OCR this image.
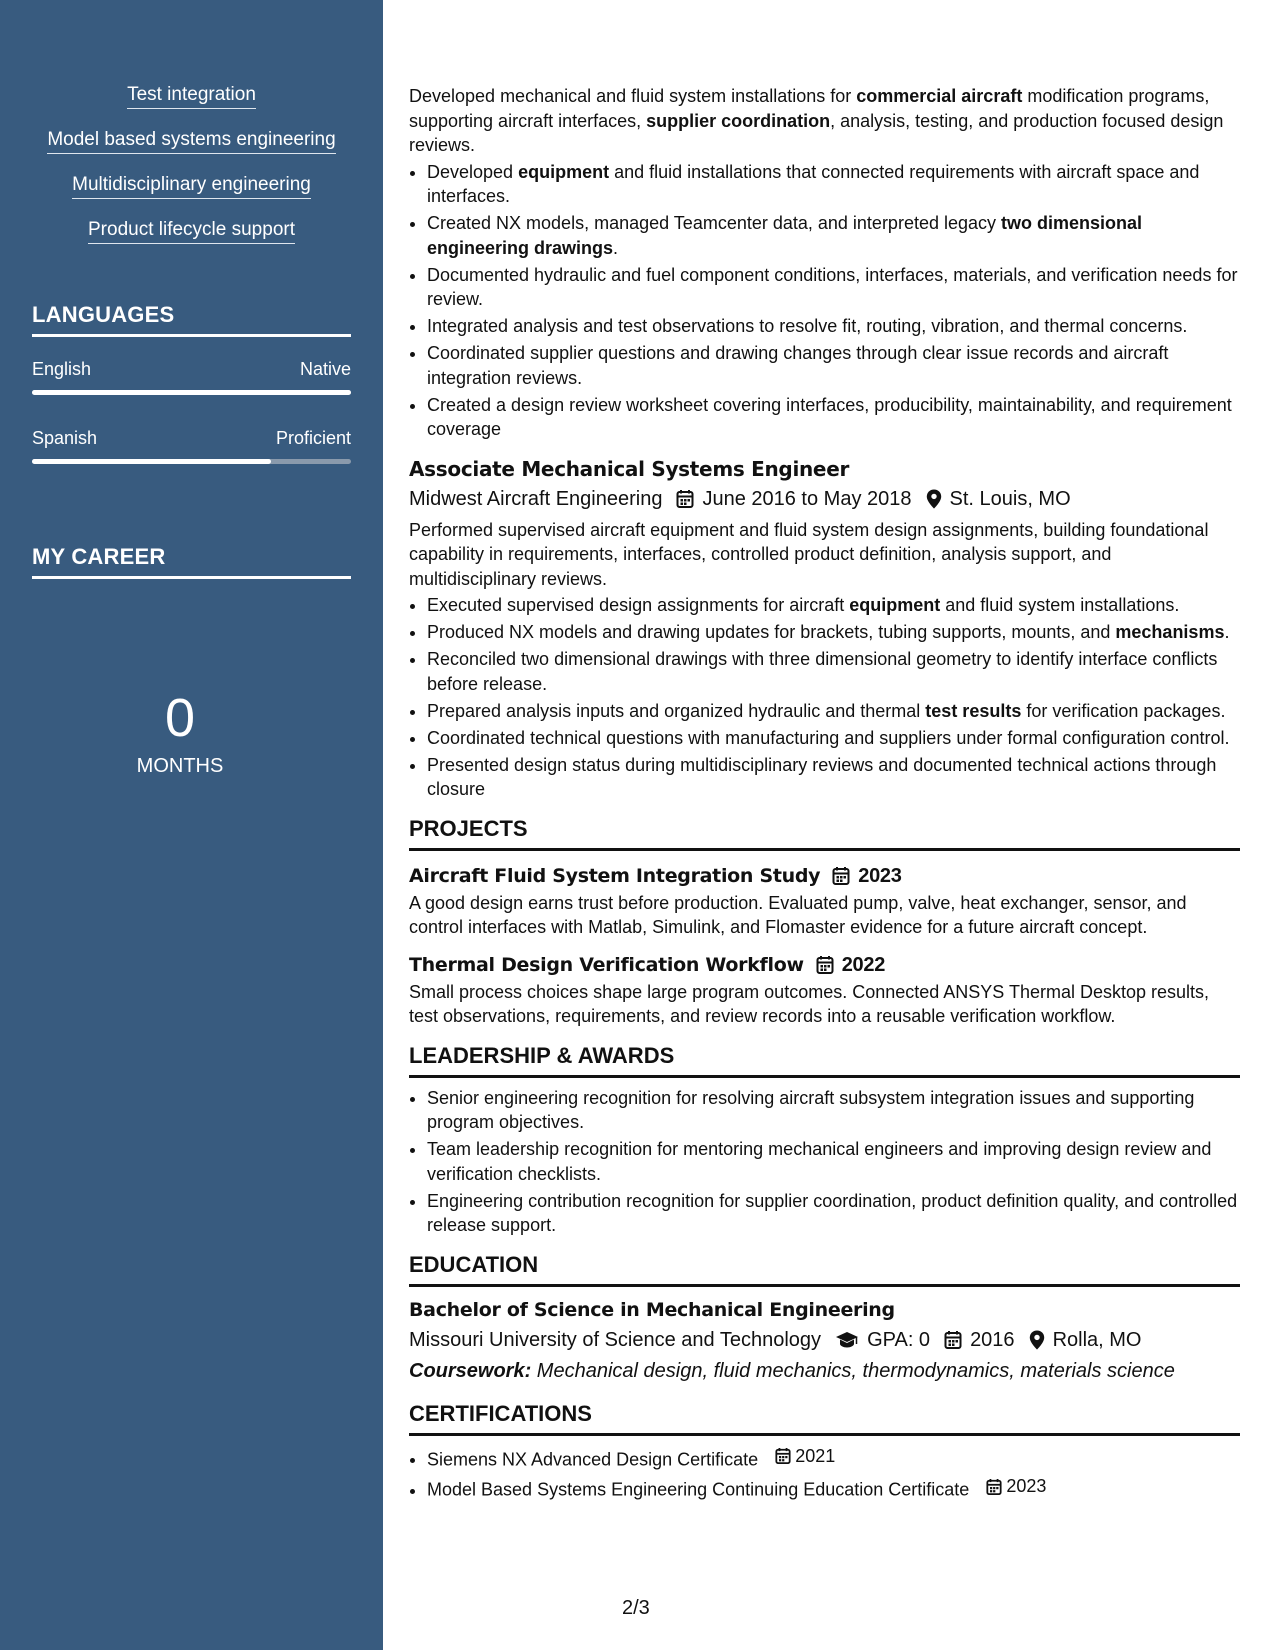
Test integration
Model based systems engineering
Multidisciplinary engineering
Product lifecycle support
LANGUAGES
English	Native
Spanish	Proficient
MY CAREER
0
MONTHS

Developed mechanical and fluid system installations for commercial aircraft modification programs, supporting aircraft interfaces, supplier coordination, analysis, testing, and production focused design reviews.

• Developed equipment and fluid installations that connected requirements with aircraft space and interfaces.
• Created NX models, managed Teamcenter data, and interpreted legacy two dimensional engineering drawings.
• Documented hydraulic and fuel component conditions, interfaces, materials, and verification needs for review.
• Integrated analysis and test observations to resolve fit, routing, vibration, and thermal concerns.
• Coordinated supplier questions and drawing changes through clear issue records and aircraft integration reviews.
• Created a design review worksheet covering interfaces, producibility, maintainability, and requirement coverage
Associate Mechanical Systems Engineer
Midwest Aircraft Engineering June 2016 to May 2018 St. Louis, MO

Performed supervised aircraft equipment and fluid system design assignments, building foundational capability in requirements, interfaces, controlled product definition, analysis support, and multidisciplinary reviews.

• Executed supervised design assignments for aircraft equipment and fluid system installations.
• Produced NX models and drawing updates for brackets, tubing supports, mounts, and mechanisms.
• Reconciled two dimensional drawings with three dimensional geometry to identify interface conflicts before release.
• Prepared analysis inputs and organized hydraulic and thermal test results for verification packages.
• Coordinated technical questions with manufacturing and suppliers under formal configuration control.
• Presented design status during multidisciplinary reviews and documented technical actions through closure
PROJECTS
Aircraft Fluid System Integration Study 2023

A good design earns trust before production. Evaluated pump, valve, heat exchanger, sensor, and control interfaces with Matlab, Simulink, and Flomaster evidence for a future aircraft concept.

Thermal Design Verification Workflow 2022

Small process choices shape large program outcomes. Connected ANSYS Thermal Desktop results, test observations, requirements, and review records into a reusable verification workflow.

LEADERSHIP & AWARDS
• Senior engineering recognition for resolving aircraft subsystem integration issues and supporting program objectives.
• Team leadership recognition for mentoring mechanical engineers and improving design review and verification checklists.
• Engineering contribution recognition for supplier coordination, product definition quality, and controlled release support.
EDUCATION
Bachelor of Science in Mechanical Engineering
Missouri University of Science and Technology GPA: 0 2016 Rolla, MO
Coursework: Mechanical design, fluid mechanics, thermodynamics, materials science
CERTIFICATIONS
• Siemens NX Advanced Design Certificate 2021
• Model Based Systems Engineering Continuing Education Certificate 2023
2/3
